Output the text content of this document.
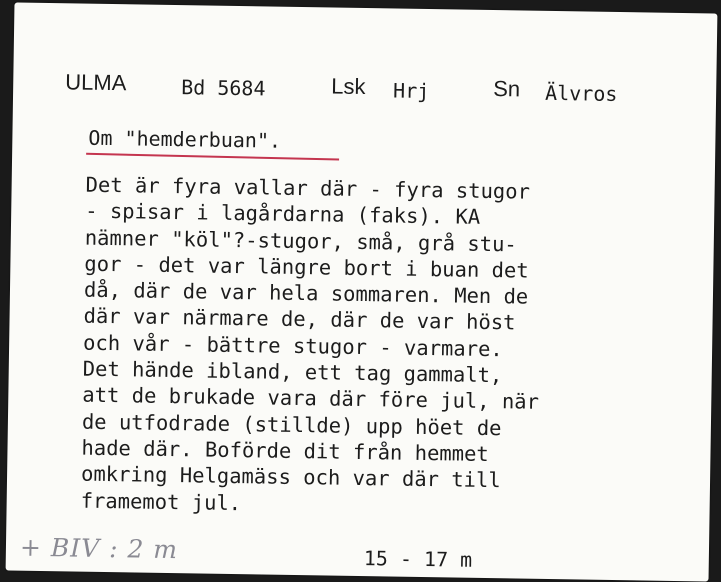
ULMA	Bd 5684	Lsk Hrj	Sn Älvros
Om "hemderbuan".
Det är fyra vallar där - fyra stugor
- spisar i lagårdarna (faks). KA
nämner "köl"?-stugor, små, grå stu-
gor - det var längre bort i buan det
då, där de var hela sommaren. Men de
där var närmare de, där de var höst
och vår - bättre stugor - varmare.
Det hände ibland, ett tag gammalt,
att de brukade vara där före jul, när
de utfodrade (stillde) upp höet de
hade där. Boförde dit från hemmet
omkring Helgamäss och var där till
framemot jul.
+ BIV : 2 m	15 - 17 m
